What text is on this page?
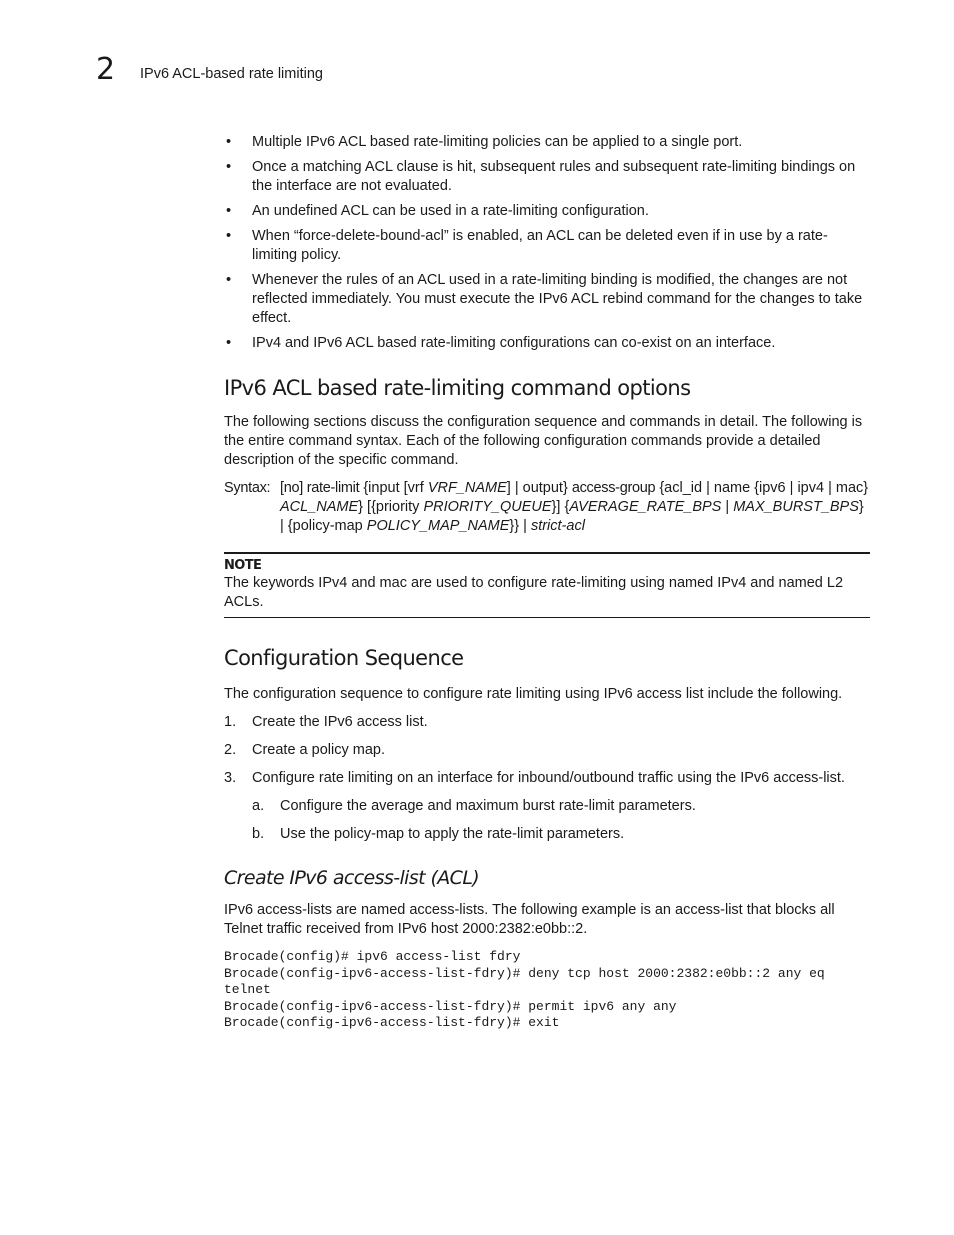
2 IPv6 ACL-based rate limiting
• Multiple IPv6 ACL based rate-limiting policies can be applied to a single port.
• Once a matching ACL clause is hit, subsequent rules and subsequent rate-limiting bindings on the interface are not evaluated.
• An undefined ACL can be used in a rate-limiting configuration.
• When “force-delete-bound-acl” is enabled, an ACL can be deleted even if in use by a rate-limiting policy.
• Whenever the rules of an ACL used in a rate-limiting binding is modified, the changes are not reflected immediately. You must execute the IPv6 ACL rebind command for the changes to take effect.
• IPv4 and IPv6 ACL based rate-limiting configurations can co-exist on an interface.
IPv6 ACL based rate-limiting command options

The following sections discuss the configuration sequence and commands in detail. The following is the entire command syntax. Each of the following configuration commands provide a detailed description of the specific command.

Syntax: [no] rate-limit {input [vrf VRF_NAME] | output} access-group {acl_id | name {ipv6 | ipv4 | mac} ACL_NAME} [{priority PRIORITY_QUEUE}] {AVERAGE_RATE_BPS | MAX_BURST_BPS} | {policy-map POLICY_MAP_NAME}} | strict-acl
NOTE

The keywords IPv4 and mac are used to configure rate-limiting using named IPv4 and named L2 ACLs.

Configuration Sequence

The configuration sequence to configure rate limiting using IPv6 access list include the following.

1. Create the IPv6 access list.
2. Create a policy map.
3. Configure rate limiting on an interface for inbound/outbound traffic using the IPv6 access-list.
a. Configure the average and maximum burst rate-limit parameters.
b. Use the policy-map to apply the rate-limit parameters.
Create IPv6 access-list (ACL)

IPv6 access-lists are named access-lists. The following example is an access-list that blocks all Telnet traffic received from IPv6 host 2000:2382:e0bb::2.

Brocade(config)# ipv6 access-list fdry
Brocade(config-ipv6-access-list-fdry)# deny tcp host 2000:2382:e0bb::2 any eq
telnet
Brocade(config-ipv6-access-list-fdry)# permit ipv6 any any
Brocade(config-ipv6-access-list-fdry)# exit
